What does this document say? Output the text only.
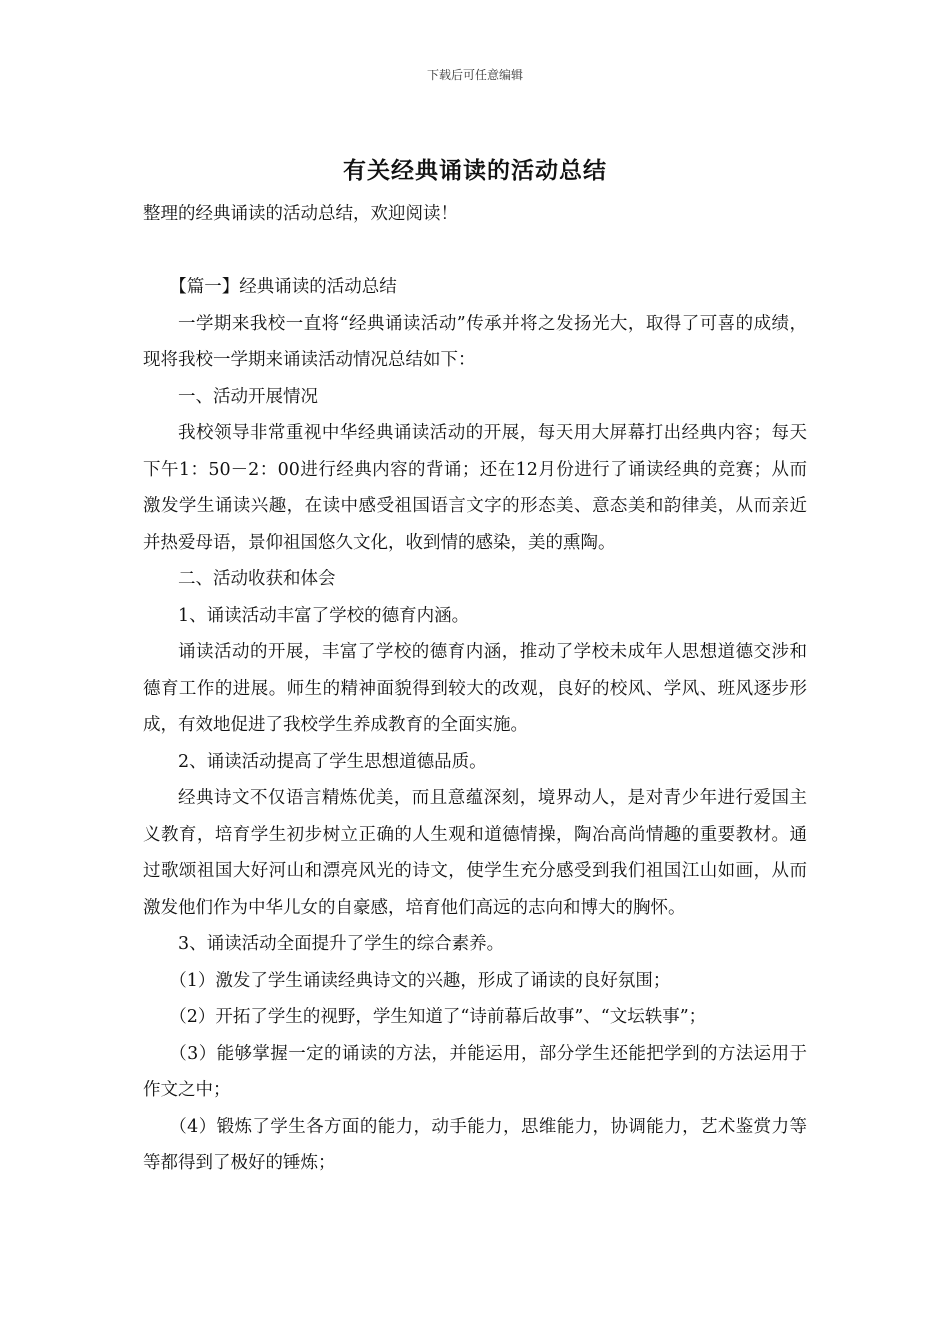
下载后可任意编辑
有关经典诵读的活动总结

整理的经典诵读的活动总结，欢迎阅读！

【篇一】经典诵读的活动总结

一学期来我校一直将“经典诵读活动”传承并将之发扬光大，取得了可喜的成绩，现将我校一学期来诵读活动情况总结如下：

一、活动开展情况

我校领导非常重视中华经典诵读活动的开展，每天用大屏幕打出经典内容；每天下午1：50－2：00进行经典内容的背诵；还在12月份进行了诵读经典的竞赛；从而激发学生诵读兴趣，在读中感受祖国语言文字的形态美、意态美和韵律美，从而亲近并热爱母语，景仰祖国悠久文化，收到情的感染，美的熏陶。

二、活动收获和体会

1、诵读活动丰富了学校的德育内涵。

诵读活动的开展，丰富了学校的德育内涵，推动了学校未成年人思想道德交涉和德育工作的进展。师生的精神面貌得到较大的改观，良好的校风、学风、班风逐步形成，有效地促进了我校学生养成教育的全面实施。

2、诵读活动提高了学生思想道德品质。

经典诗文不仅语言精炼优美，而且意蕴深刻，境界动人，是对青少年进行爱国主义教育，培育学生初步树立正确的人生观和道德情操，陶冶高尚情趣的重要教材。通过歌颂祖国大好河山和漂亮风光的诗文，使学生充分感受到我们祖国江山如画，从而激发他们作为中华儿女的自豪感，培育他们高远的志向和博大的胸怀。

3、诵读活动全面提升了学生的综合素养。

（1）激发了学生诵读经典诗文的兴趣，形成了诵读的良好氛围；

（2）开拓了学生的视野，学生知道了“诗前幕后故事”、“文坛轶事”；

（3）能够掌握一定的诵读的方法，并能运用，部分学生还能把学到的方法运用于作文之中；

（4）锻炼了学生各方面的能力，动手能力，思维能力，协调能力，艺术鉴赏力等等都得到了极好的锤炼；
